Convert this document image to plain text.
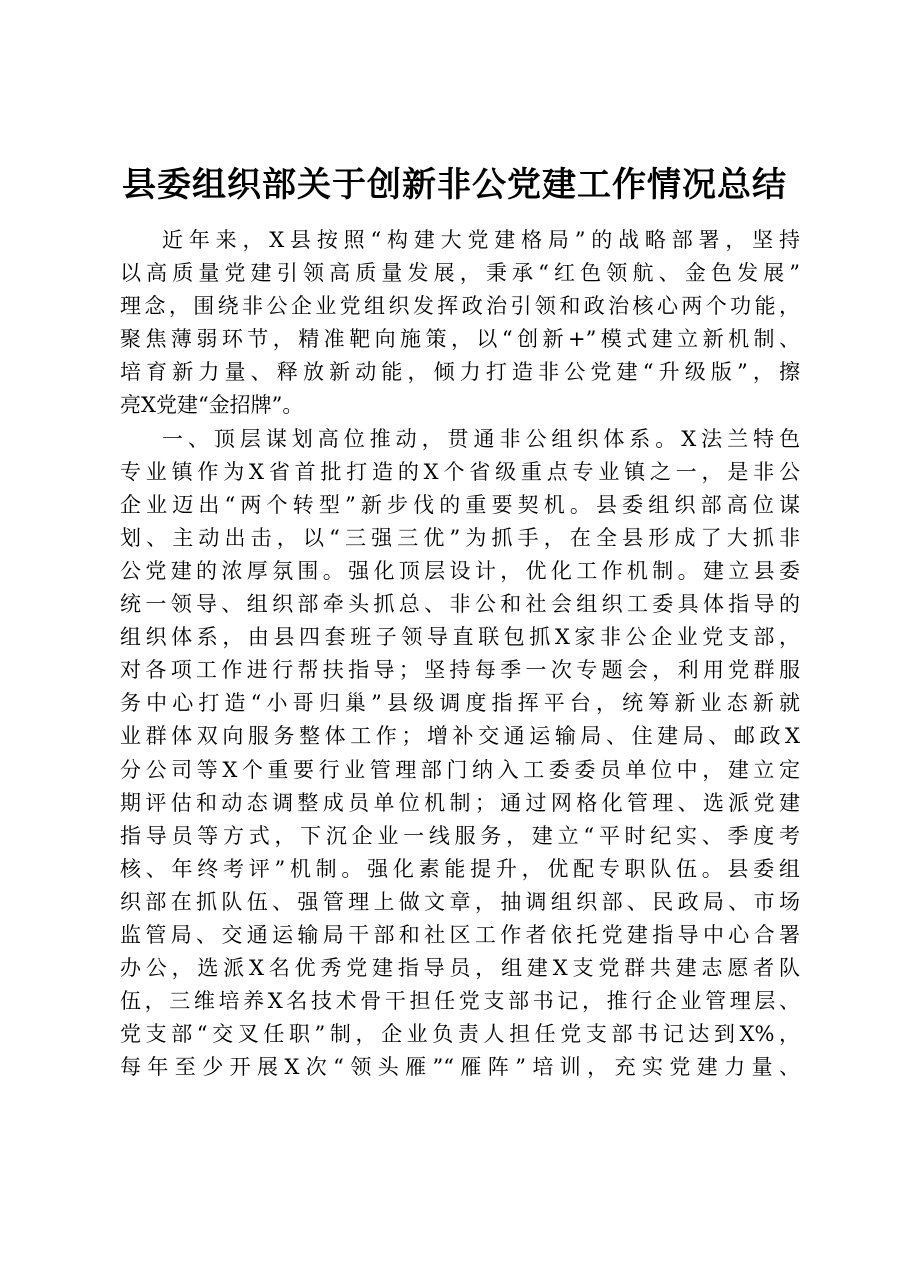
县委组织部关于创新非公党建工作情况总结
近年来，X县按照“构建大党建格局”的战略部署，坚持
以高质量党建引领高质量发展，秉承“红色领航、金色发展”
理念，围绕非公企业党组织发挥政治引领和政治核心两个功能，
聚焦薄弱环节，精准靶向施策，以“创新+”模式建立新机制、
培育新力量、释放新动能，倾力打造非公党建“升级版”，擦
亮X党建“金招牌”。
一、顶层谋划高位推动，贯通非公组织体系。X法兰特色
专业镇作为X省首批打造的X个省级重点专业镇之一，是非公
企业迈出“两个转型”新步伐的重要契机。县委组织部高位谋
划、主动出击，以“三强三优”为抓手，在全县形成了大抓非
公党建的浓厚氛围。强化顶层设计，优化工作机制。建立县委
统一领导、组织部牵头抓总、非公和社会组织工委具体指导的
组织体系，由县四套班子领导直联包抓X家非公企业党支部，
对各项工作进行帮扶指导；坚持每季一次专题会，利用党群服
务中心打造“小哥归巢”县级调度指挥平台，统筹新业态新就
业群体双向服务整体工作；增补交通运输局、住建局、邮政X
分公司等X个重要行业管理部门纳入工委委员单位中，建立定
期评估和动态调整成员单位机制；通过网格化管理、选派党建
指导员等方式，下沉企业一线服务，建立“平时纪实、季度考
核、年终考评”机制。强化素能提升，优配专职队伍。县委组
织部在抓队伍、强管理上做文章，抽调组织部、民政局、市场
监管局、交通运输局干部和社区工作者依托党建指导中心合署
办公，选派X名优秀党建指导员，组建X支党群共建志愿者队
伍，三维培养X名技术骨干担任党支部书记，推行企业管理层、
党支部“交叉任职”制，企业负责人担任党支部书记达到X%，
每年至少开展X次“领头雁”“雁阵”培训，充实党建力量、
